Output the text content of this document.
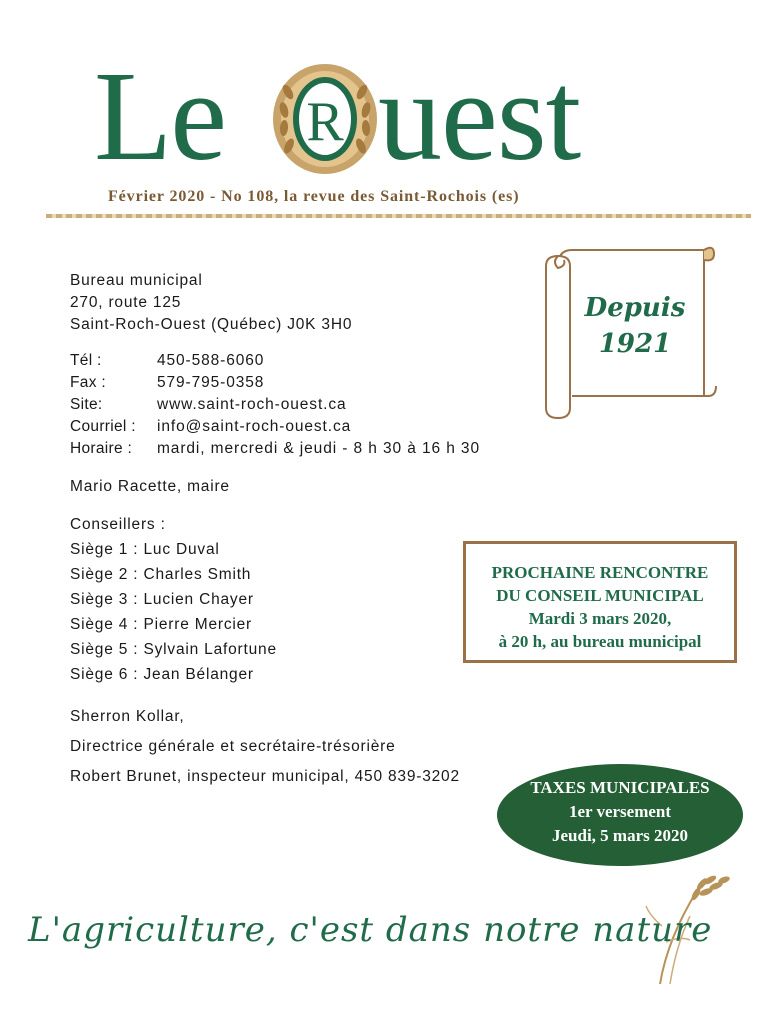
Le R uest
Février 2020 - No 108, la revue des Saint-Rochois (es)
Bureau municipal
270, route 125
Saint-Roch-Ouest (Québec) J0K 3H0
Tél :	450-588-6060
Fax :	579-795-0358
Site:	www.saint-roch-ouest.ca
Courriel :	info@saint-roch-ouest.ca
Horaire :	mardi, mercredi & jeudi - 8 h 30 à 16 h 30
Mario Racette, maire
Conseillers :
Siège 1 : Luc Duval
Siège 2 : Charles Smith
Siège 3 : Lucien Chayer
Siège 4 : Pierre Mercier
Siège 5 : Sylvain Lafortune
Siège 6 : Jean Bélanger
Sherron Kollar,
Directrice générale et secrétaire-trésorière
Robert Brunet, inspecteur municipal, 450 839-3202
Depuis
1921
PROCHAINE RENCONTRE
DU CONSEIL MUNICIPAL
Mardi 3 mars 2020,
à 20 h, au bureau municipal
TAXES MUNICIPALES
1er versement
Jeudi, 5 mars 2020
L'agriculture, c'est dans notre nature
